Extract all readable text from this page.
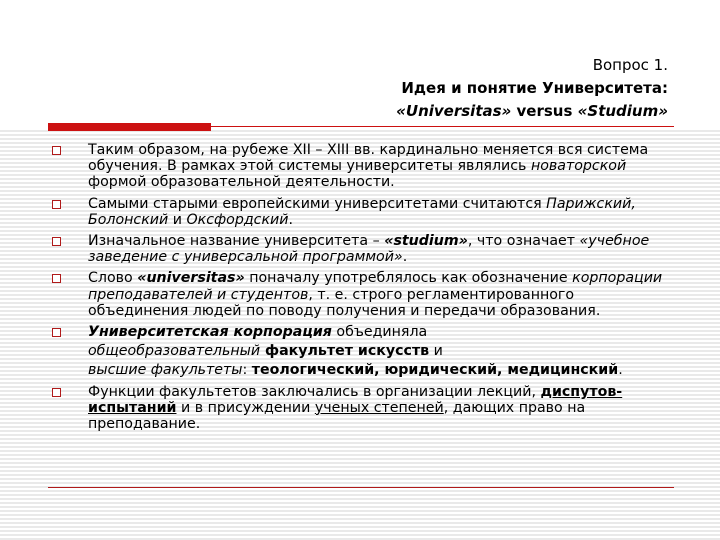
Вопрос 1.
Идея и понятие Университета:
«Universitas» versus «Studium»
Таким образом, на рубеже XII – XIII вв. кардинально меняется вся система обучения. В рамках этой системы университеты являлись новаторской формой образовательной деятельности.
Самыми старыми европейскими университетами считаются Парижский, Болонский и Оксфордский.
Изначальное название университета – «studium», что означает «учебное заведение с универсальной программой».
Слово «universitas» поначалу употреблялось как обозначение корпорации преподавателей и студентов, т. е. строго регламентированного объединения людей по поводу получения и передачи образования.
Университетская корпорация объединяла
общеобразовательный факультет искусств и
высшие факультеты: теологический, юридический, медицинский.
Функции факультетов заключались в организации лекций, диспутов-испытаний и в присуждении ученых степеней, дающих право на преподавание.
